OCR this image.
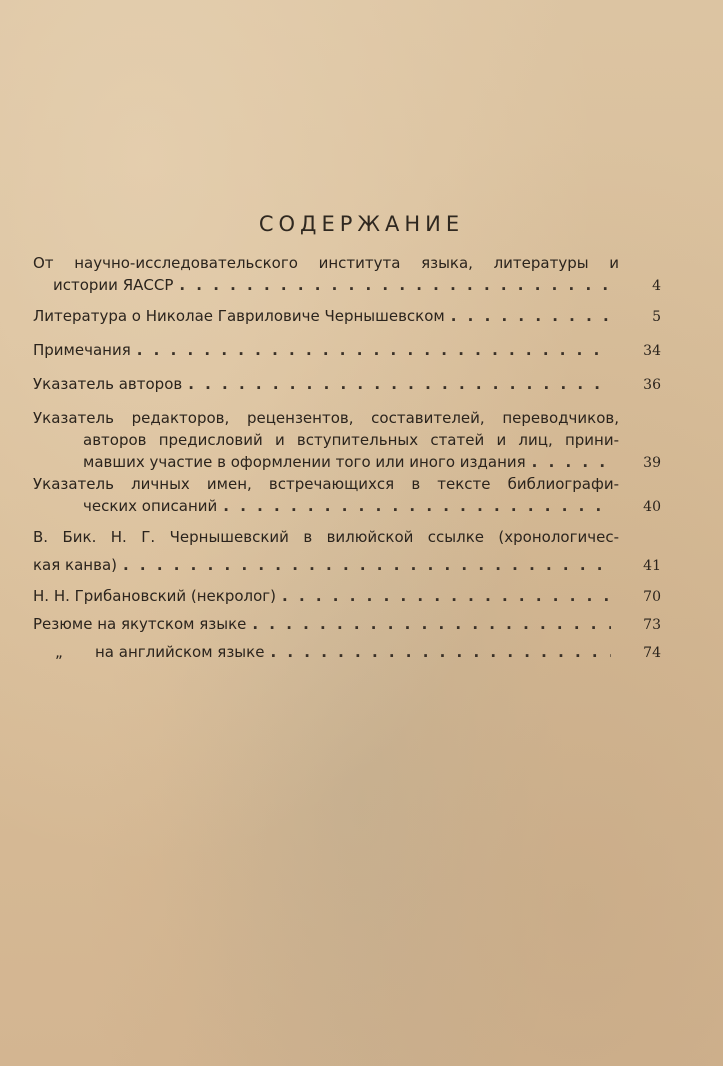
СОДЕРЖАНИЕ
От научно-исследовательского института языка, литературы и
истории ЯАССР . . .	4
Литература о Николае Гавриловиче Чернышевском . . .	5
Примечания . . .	34
Указатель авторов . . .	36
Указатель редакторов, рецензентов, составителей, переводчиков,
авторов предисловий и вступительных статей и лиц, прини-
мавших участие в оформлении того или иного издания . . .	39
Указатель личных имен, встречающихся в тексте библиографи-
ческих описаний . . .	40
В. Бик. Н. Г. Чернышевский в вилюйской ссылке (хронологичес-
кая канва) . . .	41
Н. Н. Грибановский (некролог) . . .	70
Резюме на якутском языке . . .	73
„	на английском языке . . .	74
